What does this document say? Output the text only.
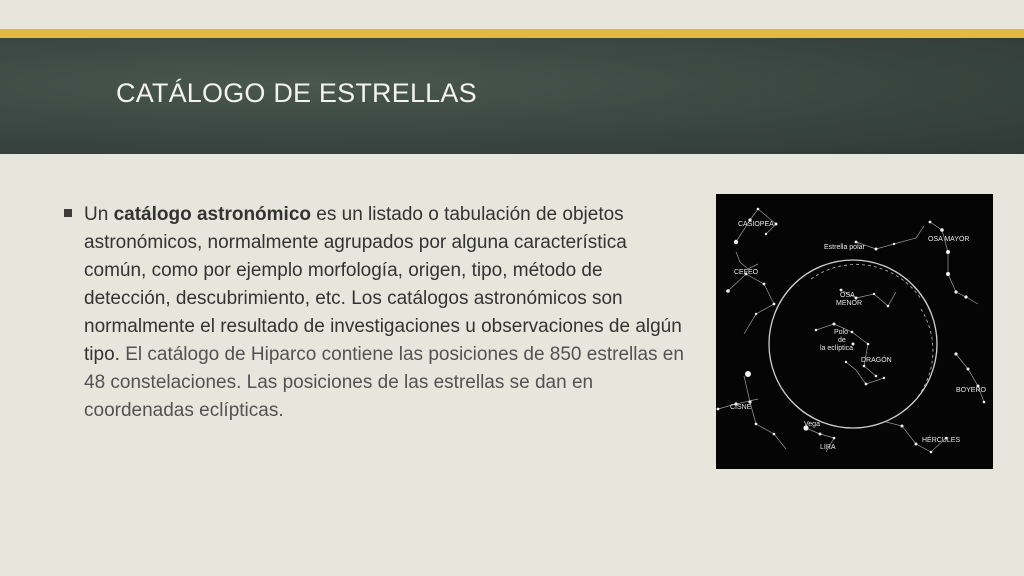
CATÁLOGO DE ESTRELLAS
Un catálogo astronómico es un listado o tabulación de objetos astronómicos, normalmente agrupados por alguna característica común, como por ejemplo morfología, origen, tipo, método de detección, descubrimiento, etc. Los catálogos astronómicos son normalmente el resultado de investigaciones u observaciones de algún tipo. El catálogo de Hiparco contiene las posiciones de 850 estrellas en 48 constelaciones. Las posiciones de las estrellas se dan en coordenadas eclípticas.
CASIOPEA
OSA MAYOR
Estrella polar
CEFEO
OSA
MENOR
Polo
de
la eclíptica
DRAGÓN
BOYERO
CISNE
Vega
LIRA
HÉRCULES
